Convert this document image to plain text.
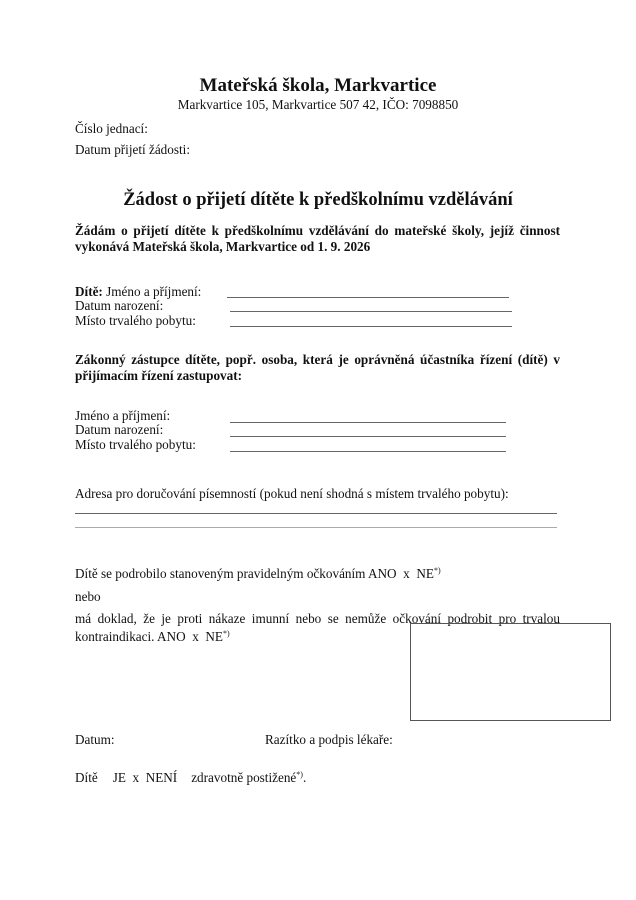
Mateřská škola, Markvartice
Markvartice 105, Markvartice 507 42, IČO: 7098850
Číslo jednací:
Datum přijetí žádosti:
Žádost o přijetí dítěte k předškolnímu vzdělávání
Žádám o přijetí dítěte k předškolnímu vzdělávání do mateřské školy, jejíž činnost vykonává Mateřská škola, Markvartice od 1. 9. 2026
Dítě: Jméno a příjmení:
Datum narození:
Místo trvalého pobytu:
Zákonný zástupce dítěte, popř. osoba, která je oprávněná účastníka řízení (dítě) v přijímacím řízení zastupovat:
Jméno a příjmení:
Datum narození:
Místo trvalého pobytu:
Adresa pro doručování písemností (pokud není shodná s místem trvalého pobytu):
Dítě se podrobilo stanoveným pravidelným očkováním ANO  x  NE*)
nebo
má doklad, že je proti nákaze imunní nebo se nemůže očkování podrobit pro trvalou kontraindikaci. ANO  x  NE*)
Datum:	Razítko a podpis lékaře:
Dítě JE  x  NENÍ zdravotně postižené*).
